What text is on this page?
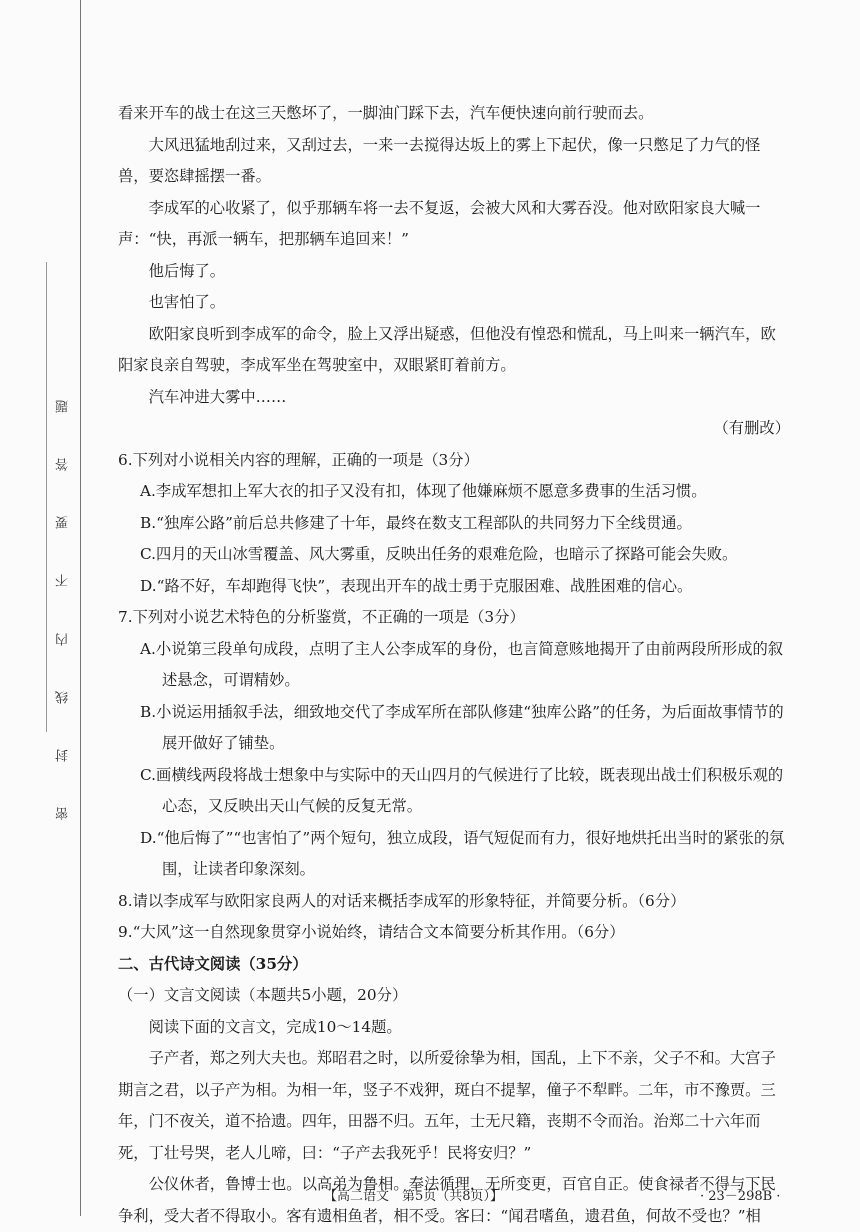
题
答
要
不
内
线
封
密

看来开车的战士在这三天憋坏了，一脚油门踩下去，汽车便快速向前行驶而去。

大风迅猛地刮过来，又刮过去，一来一去搅得达坂上的雾上下起伏，像一只憋足了力气的怪兽，要恣肆摇摆一番。

李成军的心收紧了，似乎那辆车将一去不复返，会被大风和大雾吞没。他对欧阳家良大喊一声：“快，再派一辆车，把那辆车追回来！”

他后悔了。

也害怕了。

欧阳家良听到李成军的命令，脸上又浮出疑惑，但他没有惶恐和慌乱，马上叫来一辆汽车，欧阳家良亲自驾驶，李成军坐在驾驶室中，双眼紧盯着前方。

汽车冲进大雾中……

（有删改）

6.下列对小说相关内容的理解，正确的一项是（3分）

A.李成军想扣上军大衣的扣子又没有扣，体现了他嫌麻烦不愿意多费事的生活习惯。

B.“独库公路”前后总共修建了十年，最终在数支工程部队的共同努力下全线贯通。

C.四月的天山冰雪覆盖、风大雾重，反映出任务的艰难危险，也暗示了探路可能会失败。

D.“路不好，车却跑得飞快”，表现出开车的战士勇于克服困难、战胜困难的信心。

7.下列对小说艺术特色的分析鉴赏，不正确的一项是（3分）

A.小说第三段单句成段，点明了主人公李成军的身份，也言简意赅地揭开了由前两段所形成的叙述悬念，可谓精妙。

B.小说运用插叙手法，细致地交代了李成军所在部队修建“独库公路”的任务，为后面故事情节的展开做好了铺垫。

C.画横线两段将战士想象中与实际中的天山四月的气候进行了比较，既表现出战士们积极乐观的心态，又反映出天山气候的反复无常。

D.“他后悔了”“也害怕了”两个短句，独立成段，语气短促而有力，很好地烘托出当时的紧张的氛围，让读者印象深刻。

8.请以李成军与欧阳家良两人的对话来概括李成军的形象特征，并简要分析。（6分）

9.“大风”这一自然现象贯穿小说始终，请结合文本简要分析其作用。（6分）

二、古代诗文阅读（35分）

（一）文言文阅读（本题共5小题，20分）

阅读下面的文言文，完成10～14题。

子产者，郑之列大夫也。郑昭君之时，以所爱徐挚为相，国乱，上下不亲，父子不和。大宫子期言之君，以子产为相。为相一年，竖子不戏狎，斑白不提挈，僮子不犁畔。二年，市不豫贾。三年，门不夜关，道不拾遗。四年，田器不归。五年，士无尺籍，丧期不令而治。治郑二十六年而死，丁壮号哭，老人儿啼，曰：“子产去我死乎！民将安归？”

公仪休者，鲁博士也。以高弟为鲁相。奉法循理，无所变更，百官自正。使食禄者不得与下民争利，受大者不得取小。客有遗相鱼者，相不受。客曰：“闻君嗜鱼，遗君鱼，何故不受也？”相

【高二语文　第5页（共8页）】	· 23－298B ·
